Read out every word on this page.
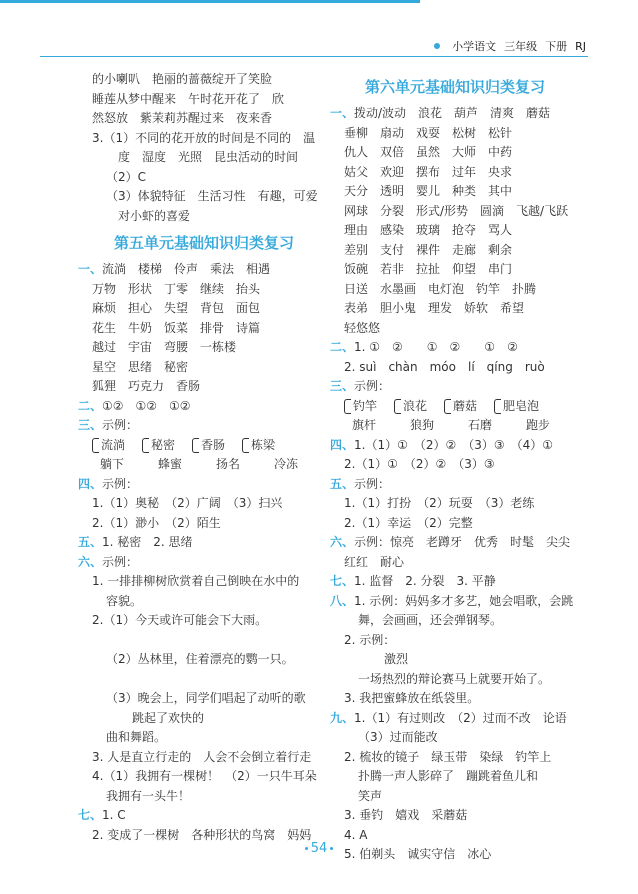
小学语文 三年级 下册 RJ
的小喇叭　艳丽的蔷薇绽开了笑脸
睡莲从梦中醒来　午时花开花了　欣
然怒放　紫茉莉苏醒过来　夜来香
3.（1）不同的花开放的时间是不同的　温
度　湿度　光照　昆虫活动的时间
（2）C
（3）体貌特征　生活习性　有趣，可爱
对小虾的喜爱
第五单元基础知识归类复习
一、流淌　楼梯　伶声　乘法　相遇
万物　形状　丁零　继续　抬头
麻烦　担心　失望　背包　面包
花生　牛奶　饭菜　排骨　诗篇
越过　宇宙　弯腰　一栋楼
星空　思绪　秘密
狐狸　巧克力　香肠
二、①②　①②　①②
三、示例：
流淌 秘密 香肠 栋梁
躺下	蜂蜜	扬名	冷冻
四、示例：
1.（1）奥秘　（2）广阔　（3）扫兴
2.（1）渺小　（2）陌生
五、1. 秘密　2. 思绪
六、示例：
1. 一排排柳树欣赏着自己倒映在水中的
容貌。
2.（1）今天或许可能会下大雨。
（2）丛林里，住着漂亮的鹦一只。
（3）晚会上，同学们唱起了动听的歌
跳起了欢快的
曲和舞蹈。
3. 人是直立行走的　人会不会倒立着行走
4.（1）我拥有一棵树！　（2）一只牛耳朵
我拥有一头牛！
七、1. C
2. 变成了一棵树　各种形状的鸟窝　妈妈
第六单元基础知识归类复习
一、拨动/波动　浪花　葫芦　清爽　蘑菇
垂柳　扇动　戏耍　松树　松针
仇人　双倍　虽然　大师　中药
姑父　欢迎　摆布　过年　央求
天分　透明　婴儿　种类　其中
网球　分裂　形式/形势　圆滴　飞越/飞跃
理由　感染　玻璃　抢夺　骂人
差别　支付　裸件　走廊　剩余
饭碗　若非　拉扯　仰望　串门
日送　水墨画　电灯泡　钓竿　扑腾
表弟　胆小鬼　理发　娇软　希望
轻悠悠
二、1. ①　②　　①　②　　①　②
2. suì　chàn　móo　lí　qíng　ruò
三、示例：
钓竿 浪花 蘑菇 肥皂泡
旗杆	狼狗	石磨	跑步
四、1.（1）①　（2）②　（3）③　（4）①
2.（1）①　（2）②　（3）③
五、示例：
1.（1）打扮　（2）玩耍　（3）老练
2.（1）幸运　（2）完整
六、示例：惊亮　老蹲牙　优秀　时髦　尖尖
红红　耐心
七、1. 监督　2. 分裂　3. 平静
八、1. 示例：妈妈多才多艺，她会唱歌，会跳
舞，会画画，还会弹钢琴。
2. 示例：
激烈
一场热烈的辩论赛马上就要开始了。
3. 我把蜜蜂放在纸袋里。
九、1.（1）有过则改　（2）过而不改　论语
（3）过而能改
2. 梳妆的镜子　绿玉带　染绿　钓竿上
扑腾一声人影碎了　蹦跳着鱼儿和
笑声
3. 垂钓　嬉戏　采蘑菇
4. A
5. 伯剃头　诚实守信　冰心
54
